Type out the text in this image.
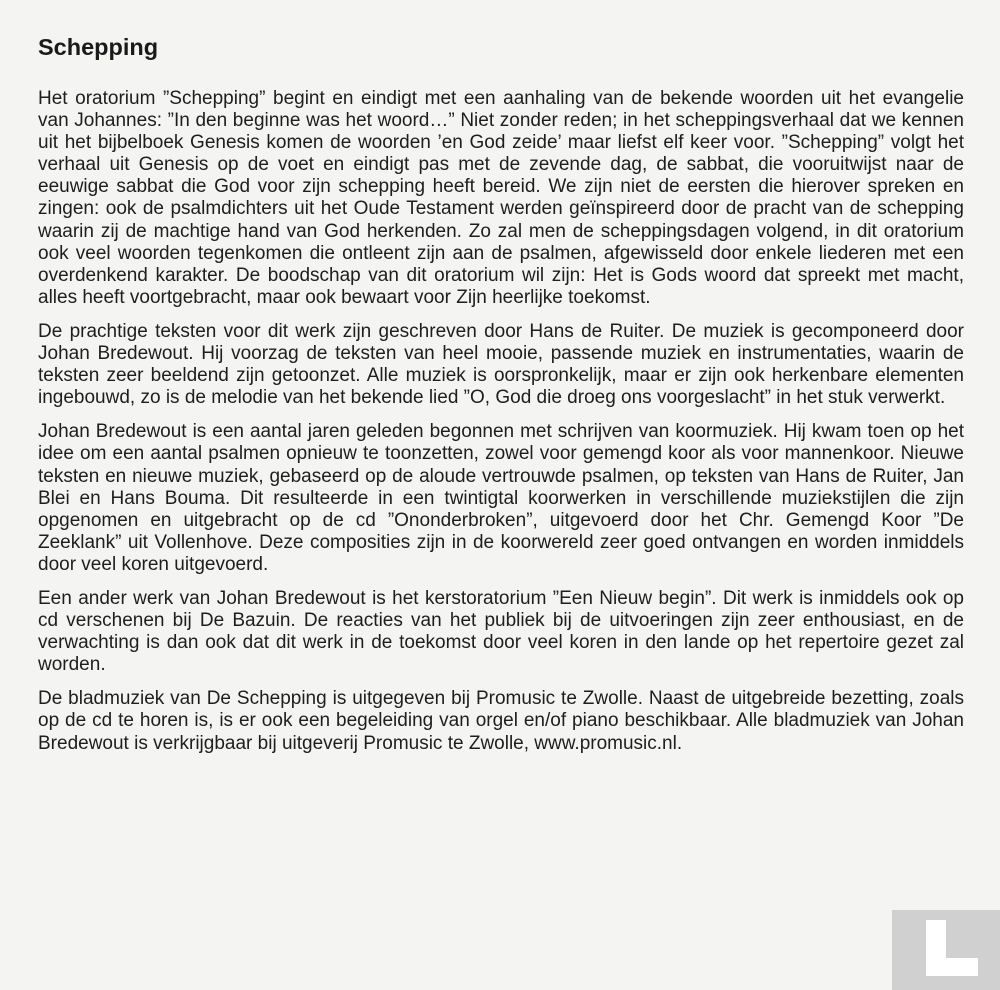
Schepping

Het oratorium ”Schepping” begint en eindigt met een aanhaling van de bekende woorden uit het evangelie van Johannes: ”In den beginne was het woord…” Niet zonder reden; in het scheppingsverhaal dat we kennen uit het bijbelboek Genesis komen de woorden ’en God zeide’ maar liefst elf keer voor. ”Schepping” volgt het verhaal uit Genesis op de voet en eindigt pas met de zevende dag, de sabbat, die vooruitwijst naar de eeuwige sabbat die God voor zijn schepping heeft bereid. We zijn niet de eersten die hierover spreken en zingen: ook de psalmdichters uit het Oude Testament werden geïnspireerd door de pracht van de schepping waarin zij de machtige hand van God herkenden. Zo zal men de scheppingsdagen volgend, in dit oratorium ook veel woorden tegenkomen die ontleent zijn aan de psalmen, afgewisseld door enkele liederen met een overdenkend karakter. De boodschap van dit oratorium wil zijn: Het is Gods woord dat spreekt met macht, alles heeft voortgebracht, maar ook bewaart voor Zijn heerlijke toekomst.

De prachtige teksten voor dit werk zijn geschreven door Hans de Ruiter. De muziek is gecomponeerd door Johan Bredewout. Hij voorzag de teksten van heel mooie, passende muziek en instrumentaties, waarin de teksten zeer beeldend zijn getoonzet. Alle muziek is oorspronkelijk, maar er zijn ook herkenbare elementen ingebouwd, zo is de melodie van het bekende lied ”O, God die droeg ons voorgeslacht” in het stuk verwerkt.

Johan Bredewout is een aantal jaren geleden begonnen met schrijven van koormuziek. Hij kwam toen op het idee om een aantal psalmen opnieuw te toonzetten, zowel voor gemengd koor als voor mannenkoor. Nieuwe teksten en nieuwe muziek, gebaseerd op de aloude vertrouwde psalmen, op teksten van Hans de Ruiter, Jan Blei en Hans Bouma. Dit resulteerde in een twintigtal koorwerken in verschillende muziekstijlen die zijn opgenomen en uitgebracht op de cd ”Ononderbroken”, uitgevoerd door het Chr. Gemengd Koor ”De Zeeklank” uit Vollenhove. Deze composities zijn in de koorwereld zeer goed ontvangen en worden inmiddels door veel koren uitgevoerd.

Een ander werk van Johan Bredewout is het kerstoratorium ”Een Nieuw begin”. Dit werk is inmiddels ook op cd verschenen bij De Bazuin. De reacties van het publiek bij de uitvoeringen zijn zeer enthousiast, en de verwachting is dan ook dat dit werk in de toekomst door veel koren in den lande op het repertoire gezet zal worden.

De bladmuziek van De Schepping is uitgegeven bij Promusic te Zwolle. Naast de uitgebreide bezetting, zoals op de cd te horen is, is er ook een begeleiding van orgel en/of piano beschikbaar. Alle bladmuziek van Johan Bredewout is verkrijgbaar bij uitgeverij Promusic te Zwolle, www.promusic.nl.
